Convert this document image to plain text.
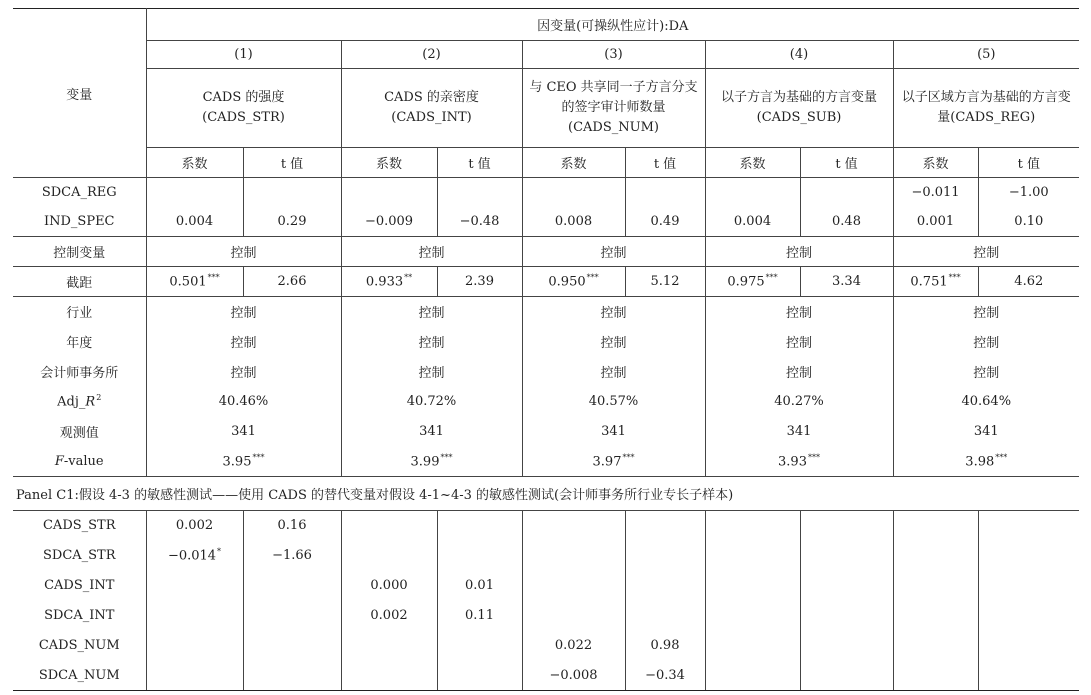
变量	因变量(可操纵性应计):DA									
	(1)		(2)		(3)		(4)		(5)	
	CADS 的强度 (CADS_STR)		CADS 的亲密度 (CADS_INT)		与 CEO 共享同一子方言分支的签字审计师数量 (CADS_NUM)		以子方言为基础的方言变量(CADS_SUB)		以子区域方言为基础的方言变量(CADS_REG)	
	系数	t 值	系数	t 值	系数	t 值	系数	t 值	系数	t 值
SDCA_REG									−0.011	−1.00
IND_SPEC	0.004	0.29	−0.009	−0.48	0.008	0.49	0.004	0.48	0.001	0.10
控制变量	控制		控制		控制		控制		控制	
截距	0.501***	2.66	0.933**	2.39	0.950***	5.12	0.975***	3.34	0.751***	4.62
行业	控制		控制		控制		控制		控制	
年度	控制		控制		控制		控制		控制	
会计师事务所	控制		控制		控制		控制		控制	
$Adj\_R^2$	40.46%		40.72%		40.57%		40.27%		40.64%	
观测值	341		341		341		341		341	
F-value	3.95***		3.99***		3.97***		3.93***		3.98***
Panel C1:假设 4-3 的敏感性测试——使用 CADS 的替代变量对假设 4-1~4-3 的敏感性测试(会计师事务所行业专长子样本)										
CADS_STR	0.002	0.16								
SDCA_STR	−0.014*	−1.66								
CADS_INT			0.000	0.01						
SDCA_INT			0.002	0.11						
CADS_NUM					0.022	0.98				
SDCA_NUM					−0.008	−0.34				
